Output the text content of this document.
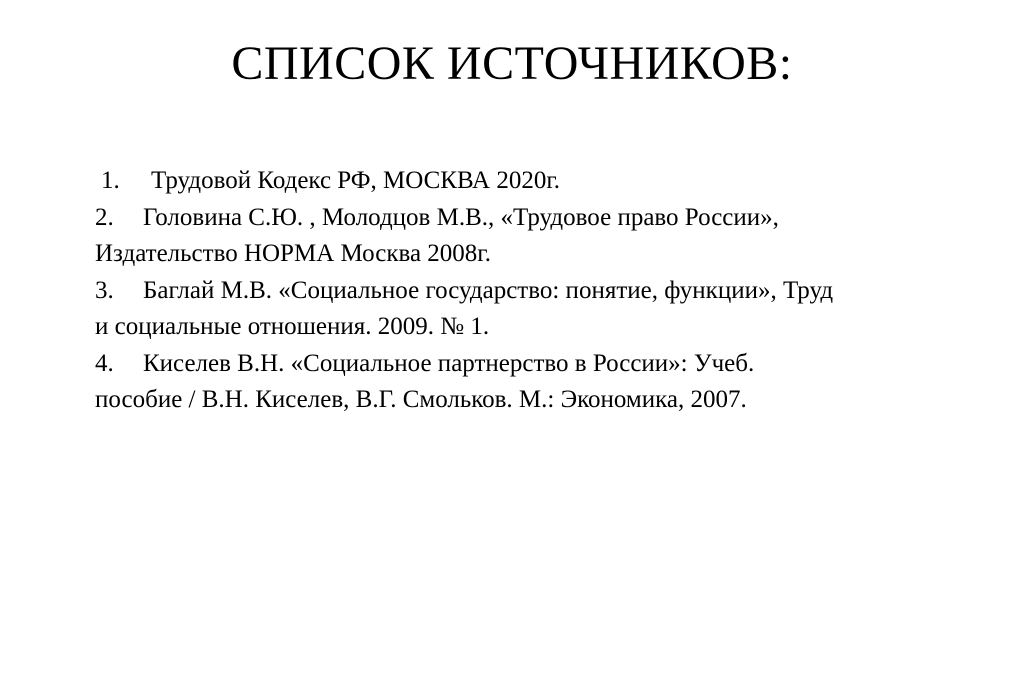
СПИСОК ИСТОЧНИКОВ:
1. Трудовой Кодекс РФ, МОСКВА 2020г.
2. Головина С.Ю. , Молодцов М.В., «Трудовое право России»,
Издательство НОРМА Москва 2008г.
3. Баглай М.В. «Социальное государство: понятие, функции», Труд
и социальные отношения. 2009. № 1.
4. Киселев В.Н. «Социальное партнерство в России»: Учеб.
пособие / В.Н. Киселев, В.Г. Смольков. М.: Экономика, 2007.
